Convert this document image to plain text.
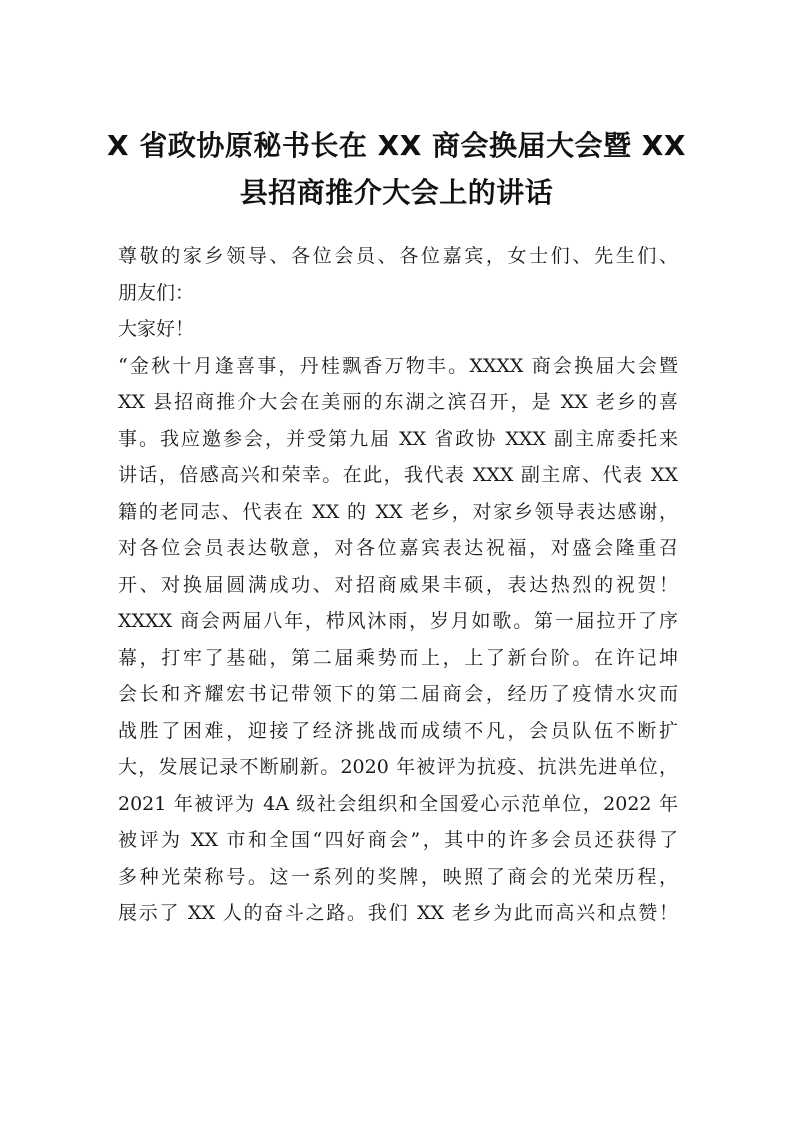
X 省政协原秘书长在 XX 商会换届大会暨 XX
县招商推介大会上的讲话
尊敬的家乡领导、各位会员、各位嘉宾，女士们、先生们、
朋友们：
大家好！
“金秋十月逢喜事，丹桂飘香万物丰。XXXX 商会换届大会暨
XX 县招商推介大会在美丽的东湖之滨召开，是 XX 老乡的喜
事。我应邀参会，并受第九届 XX 省政协 XXX 副主席委托来
讲话，倍感高兴和荣幸。在此，我代表 XXX 副主席、代表 XX
籍的老同志、代表在 XX 的 XX 老乡，对家乡领导表达感谢，
对各位会员表达敬意，对各位嘉宾表达祝福，对盛会隆重召
开、对换届圆满成功、对招商威果丰硕，表达热烈的祝贺！
XXXX 商会两届八年，栉风沐雨，岁月如歌。第一届拉开了序
幕，打牢了基础，第二届乘势而上，上了新台阶。在许记坤
会长和齐耀宏书记带领下的第二届商会，经历了疫情水灾而
战胜了困难，迎接了经济挑战而成绩不凡，会员队伍不断扩
大，发展记录不断刷新。2020 年被评为抗疫、抗洪先进单位，
2021 年被评为 4A 级社会组织和全国爱心示范单位，2022 年
被评为 XX 市和全国“四好商会”，其中的许多会员还获得了
多种光荣称号。这一系列的奖牌，映照了商会的光荣历程，
展示了 XX 人的奋斗之路。我们 XX 老乡为此而高兴和点赞！
